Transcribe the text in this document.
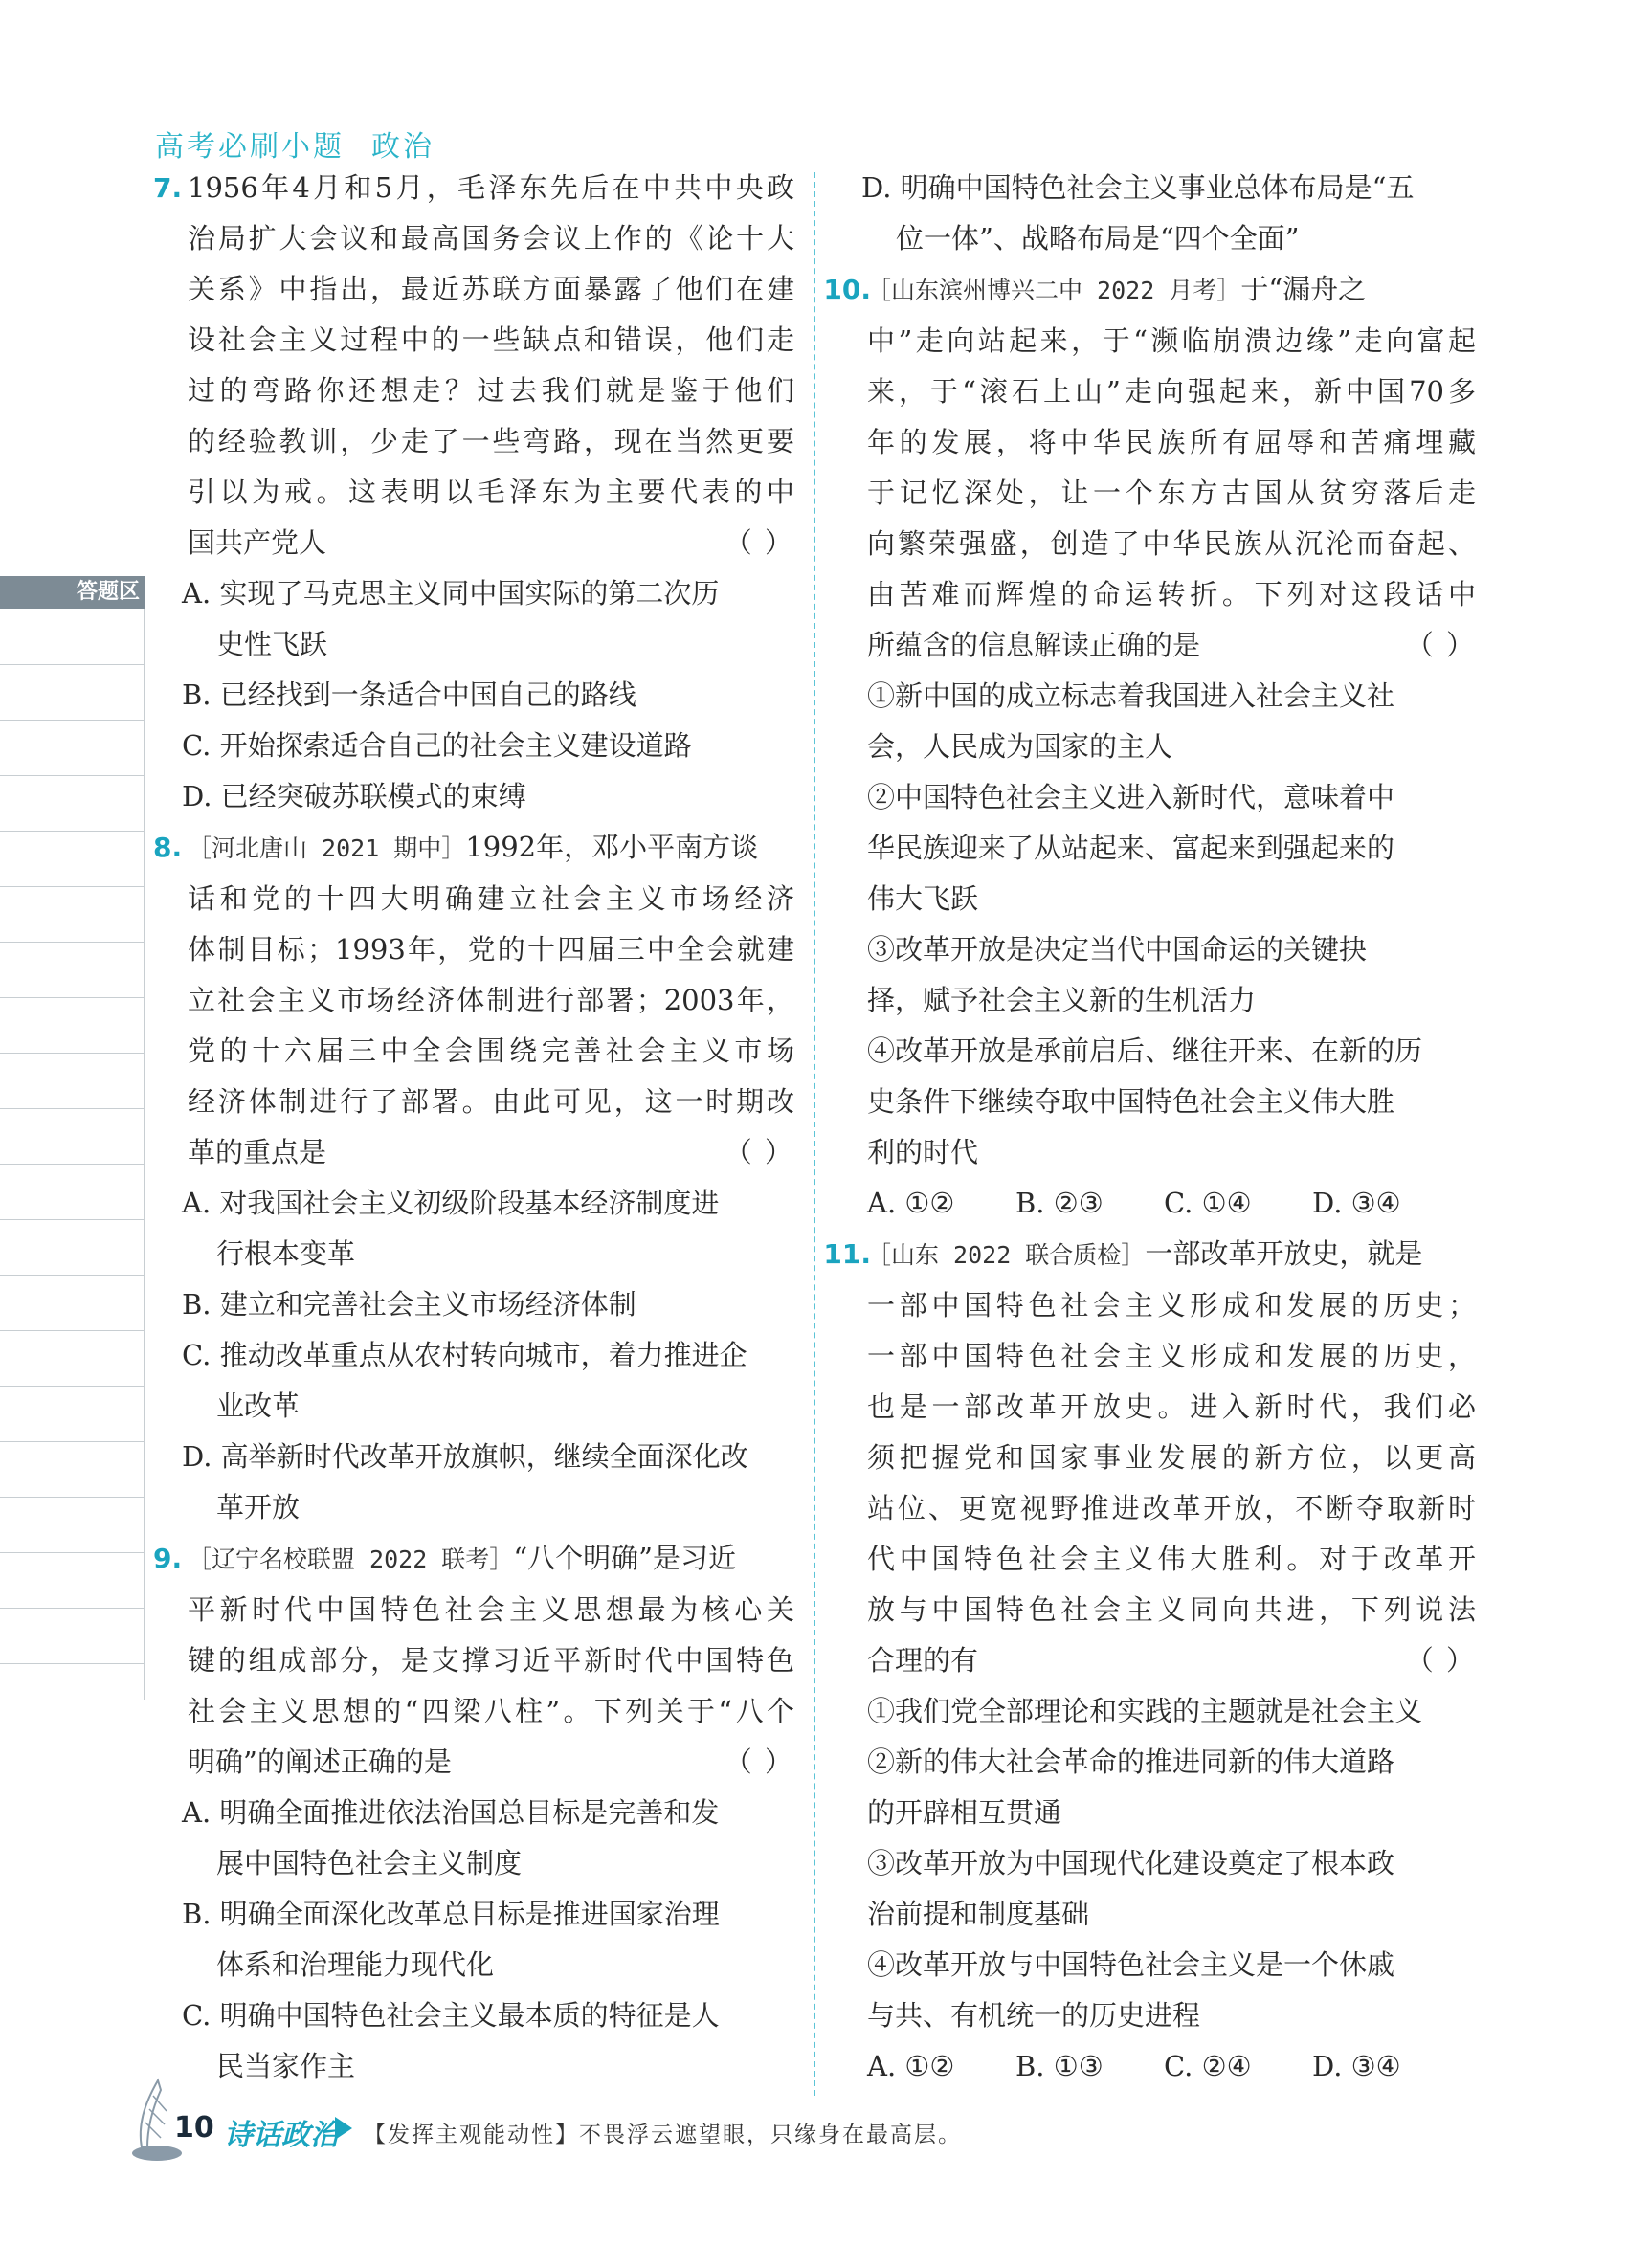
高考必刷小题 政治
答题区
7. 1956年4月和5月，毛泽东先后在中共中央政
治局扩大会议和最高国务会议上作的《论十大
关系》中指出，最近苏联方面暴露了他们在建
设社会主义过程中的一些缺点和错误，他们走
过的弯路你还想走？过去我们就是鉴于他们
的经验教训，少走了一些弯路，现在当然更要
引以为戒。这表明以毛泽东为主要代表的中
国共产党人	（ ）
A. 实现了马克思主义同中国实际的第二次历
史性飞跃
B. 已经找到一条适合中国自己的路线
C. 开始探索适合自己的社会主义建设道路
D. 已经突破苏联模式的束缚
8. ［河北唐山 2021 期中］1992年，邓小平南方谈
话和党的十四大明确建立社会主义市场经济
体制目标；1993年，党的十四届三中全会就建
立社会主义市场经济体制进行部署；2003年，
党的十六届三中全会围绕完善社会主义市场
经济体制进行了部署。由此可见，这一时期改
革的重点是	（ ）
A. 对我国社会主义初级阶段基本经济制度进
行根本变革
B. 建立和完善社会主义市场经济体制
C. 推动改革重点从农村转向城市，着力推进企
业改革
D. 高举新时代改革开放旗帜，继续全面深化改
革开放
9. ［辽宁名校联盟 2022 联考］“八个明确”是习近
平新时代中国特色社会主义思想最为核心关
键的组成部分，是支撑习近平新时代中国特色
社会主义思想的“四梁八柱”。下列关于“八个
明确”的阐述正确的是	（ ）
A. 明确全面推进依法治国总目标是完善和发
展中国特色社会主义制度
B. 明确全面深化改革总目标是推进国家治理
体系和治理能力现代化
C. 明确中国特色社会主义最本质的特征是人
民当家作主
D. 明确中国特色社会主义事业总体布局是“五
位一体”、战略布局是“四个全面”
10.
［山东滨州博兴二中 2022 月考］于“漏舟之
中”走向站起来，于“濒临崩溃边缘”走向富起
来，于“滚石上山”走向强起来，新中国70多
年的发展，将中华民族所有屈辱和苦痛埋藏
于记忆深处，让一个东方古国从贫穷落后走
向繁荣强盛，创造了中华民族从沉沦而奋起、
由苦难而辉煌的命运转折。下列对这段话中
所蕴含的信息解读正确的是	（ ）
①新中国的成立标志着我国进入社会主义社
会，人民成为国家的主人
②中国特色社会主义进入新时代，意味着中
华民族迎来了从站起来、富起来到强起来的
伟大飞跃
③改革开放是决定当代中国命运的关键抉
择，赋予社会主义新的生机活力
④改革开放是承前启后、继往开来、在新的历
史条件下继续夺取中国特色社会主义伟大胜
利的时代
A. ①②	B. ②③	C. ①④	D. ③④
11.
［山东 2022 联合质检］一部改革开放史，就是
一部中国特色社会主义形成和发展的历史；
一部中国特色社会主义形成和发展的历史，
也是一部改革开放史。进入新时代，我们必
须把握党和国家事业发展的新方位，以更高
站位、更宽视野推进改革开放，不断夺取新时
代中国特色社会主义伟大胜利。对于改革开
放与中国特色社会主义同向共进，下列说法
合理的有	（ ）
①我们党全部理论和实践的主题就是社会主义
②新的伟大社会革命的推进同新的伟大道路
的开辟相互贯通
③改革开放为中国现代化建设奠定了根本政
治前提和制度基础
④改革开放与中国特色社会主义是一个休戚
与共、有机统一的历史进程
A. ①②	B. ①③	C. ②④	D. ③④
10 诗话政治 【发挥主观能动性】不畏浮云遮望眼，只缘身在最高层。
